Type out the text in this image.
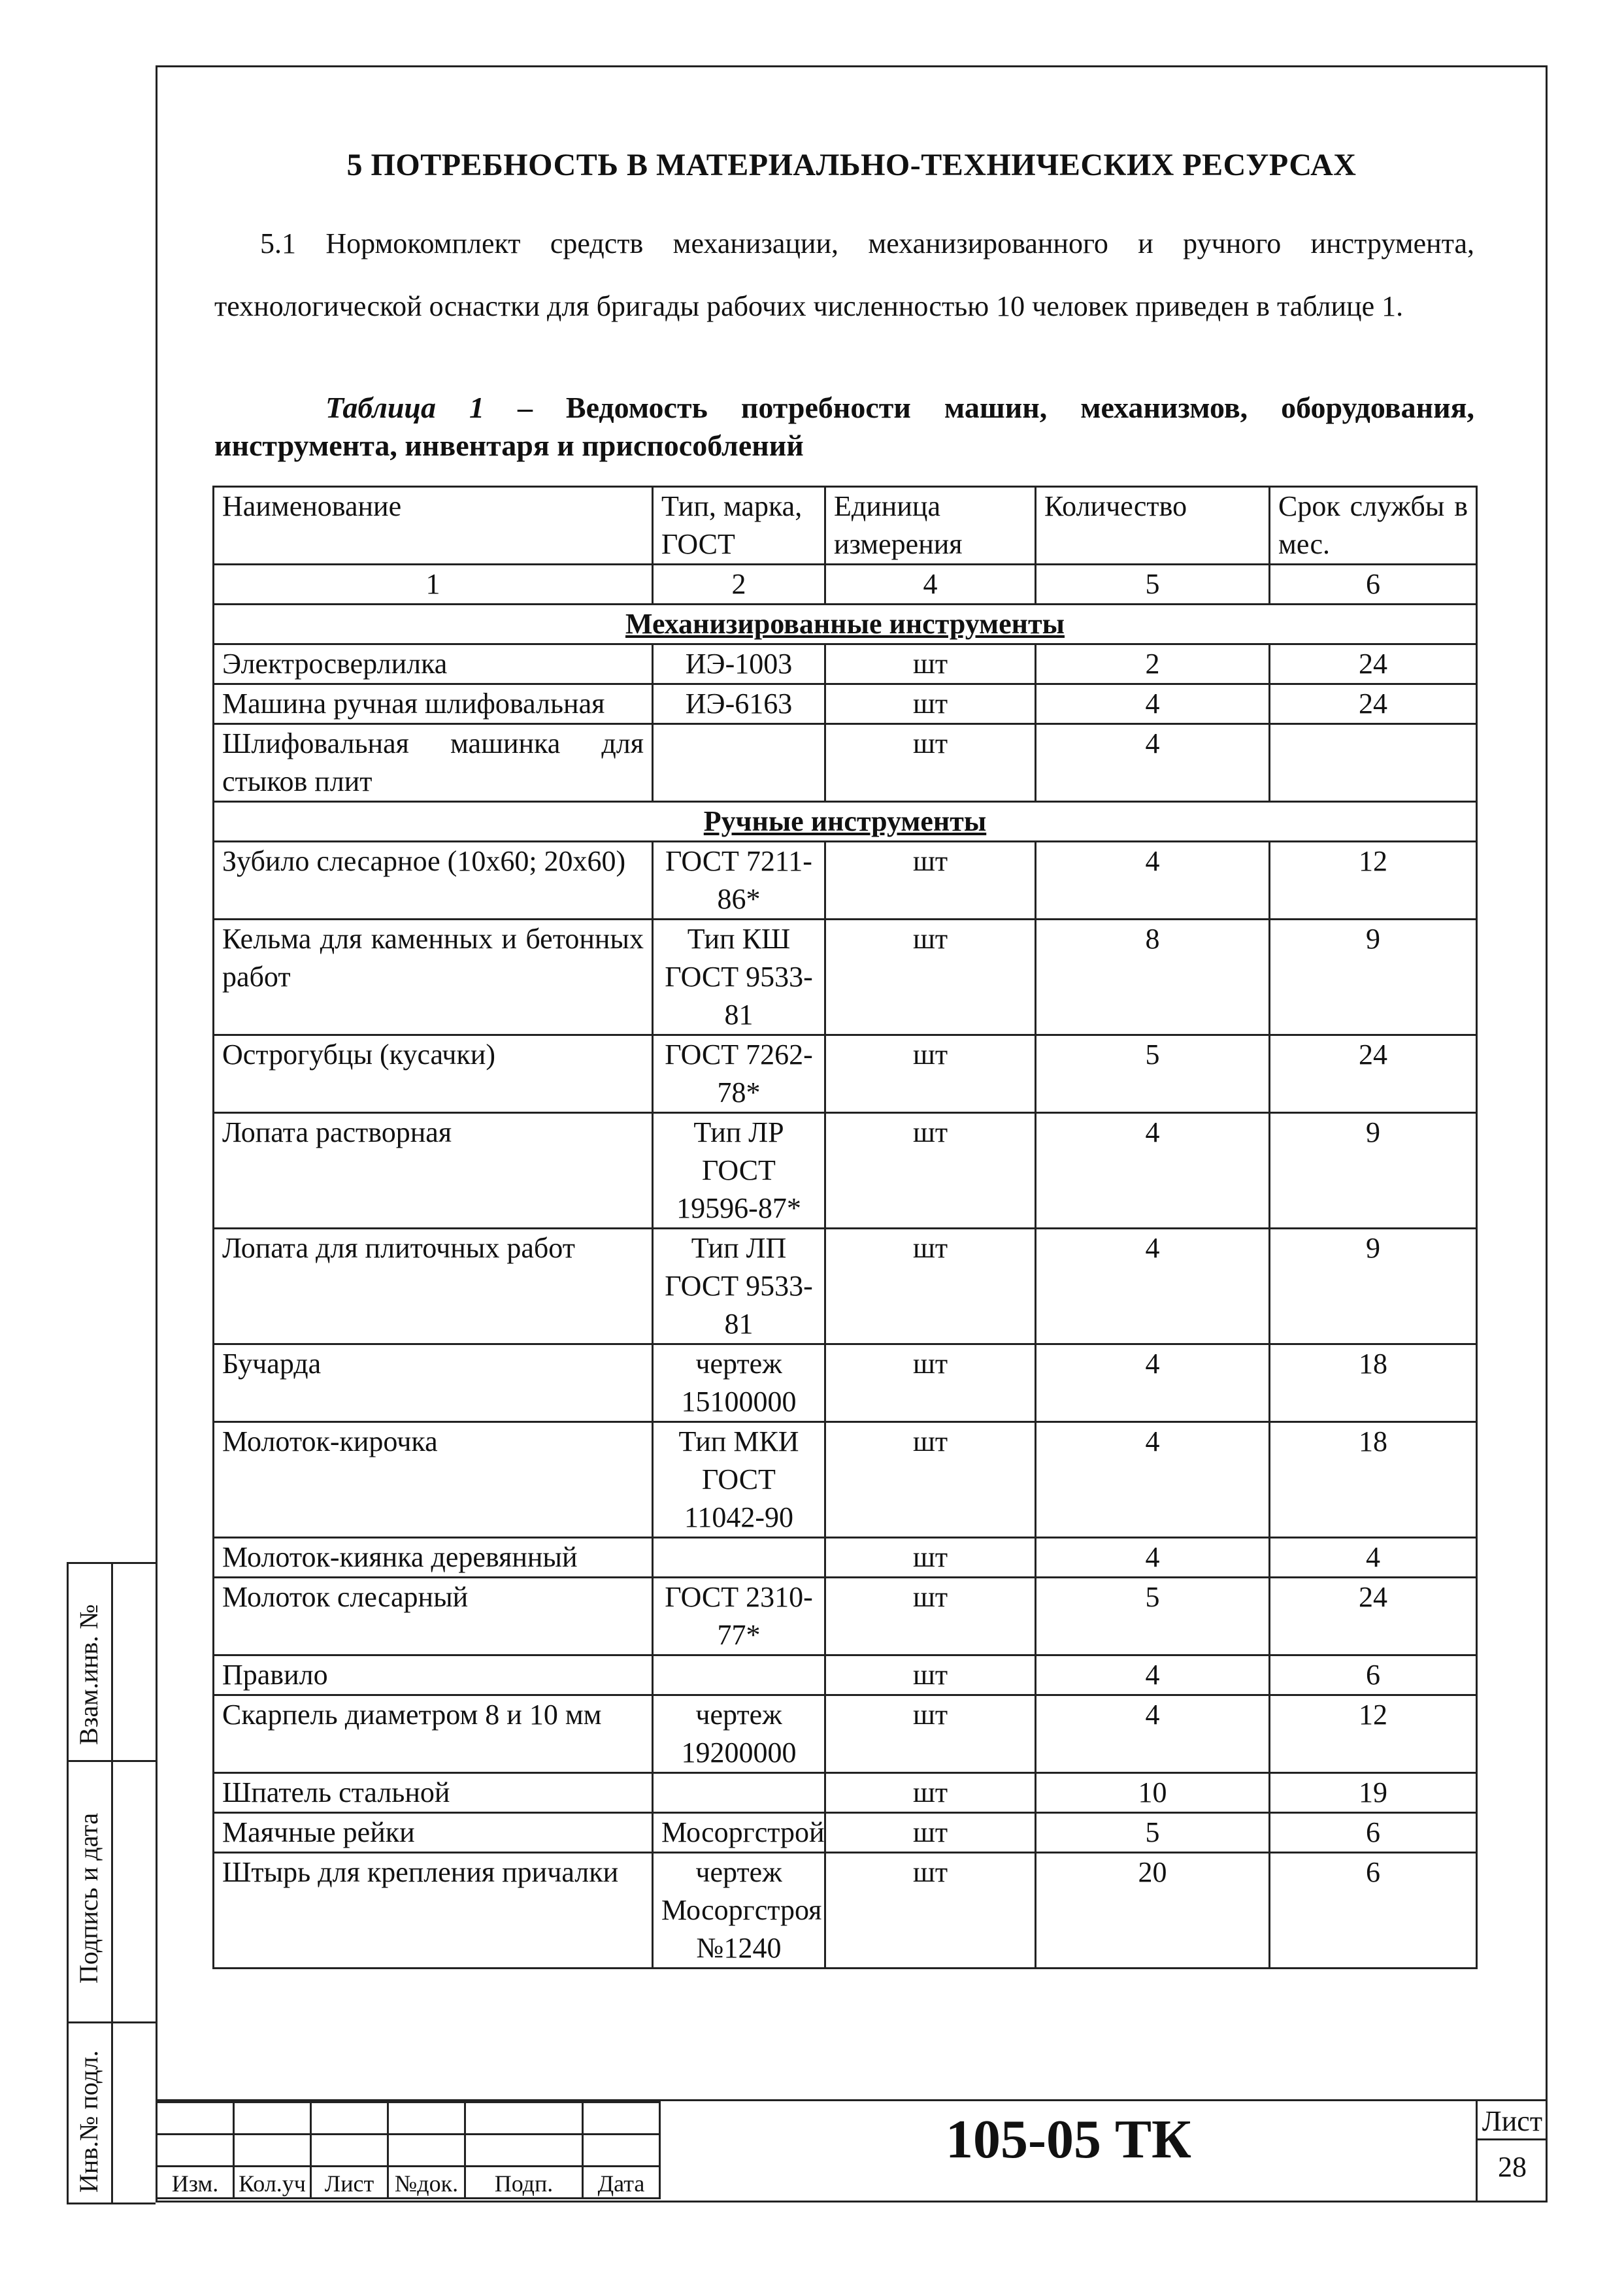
5 ПОТРЕБНОСТЬ В МАТЕРИАЛЬНО-ТЕХНИЧЕСКИХ РЕСУРСАХ
5.1 Нормокомплект средств механизации, механизированного и ручного инструмента, технологической оснастки для бригады рабочих численностью 10 человек приведен в таблице 1.
Таблица 1 – Ведомость потребности машин, механизмов, оборудования, инструмента, инвентаря и приспособлений
Наименование	Тип, марка, ГОСТ	Единица измерения	Количество	Срок службы в мес.
1	2	4	5	6
Механизированные инструменты				
Электросверлилка	ИЭ-1003	шт	2	24
Машина ручная шлифовальная	ИЭ-6163	шт	4	24
Шлифовальная машинка для стыков плит		шт	4	
Ручные инструменты				
Зубило слесарное (10х60; 20х60)	ГОСТ 7211-86*	шт	4	12
Кельма для каменных и бетонных работ	Тип КШ ГОСТ 9533-81	шт	8	9
Острогубцы (кусачки)	ГОСТ 7262-78*	шт	5	24
Лопата растворная	Тип ЛР ГОСТ 19596-87*	шт	4	9
Лопата для плиточных работ	Тип ЛП ГОСТ 9533-81	шт	4	9
Бучарда	чертеж 15100000	шт	4	18
Молоток-кирочка	Тип МКИ ГОСТ 11042-90	шт	4	18
Молоток-киянка деревянный		шт	4	4
Молоток слесарный	ГОСТ 2310-77*	шт	5	24
Правило		шт	4	6
Скарпель диаметром 8 и 10 мм	чертеж 19200000	шт	4	12
Шпатель стальной		шт	10	19
Маячные рейки	Мосоргстрой	шт	5	6
Штырь для крепления причалки	чертеж Мосоргстроя №1240	шт	20	6
Взам.инв. №
Подпись и дата
Инв.№ подл.

						Изм.	Кол.уч	Лист	№док.	Подп.	Дата
105-05 ТК	Лист
28
